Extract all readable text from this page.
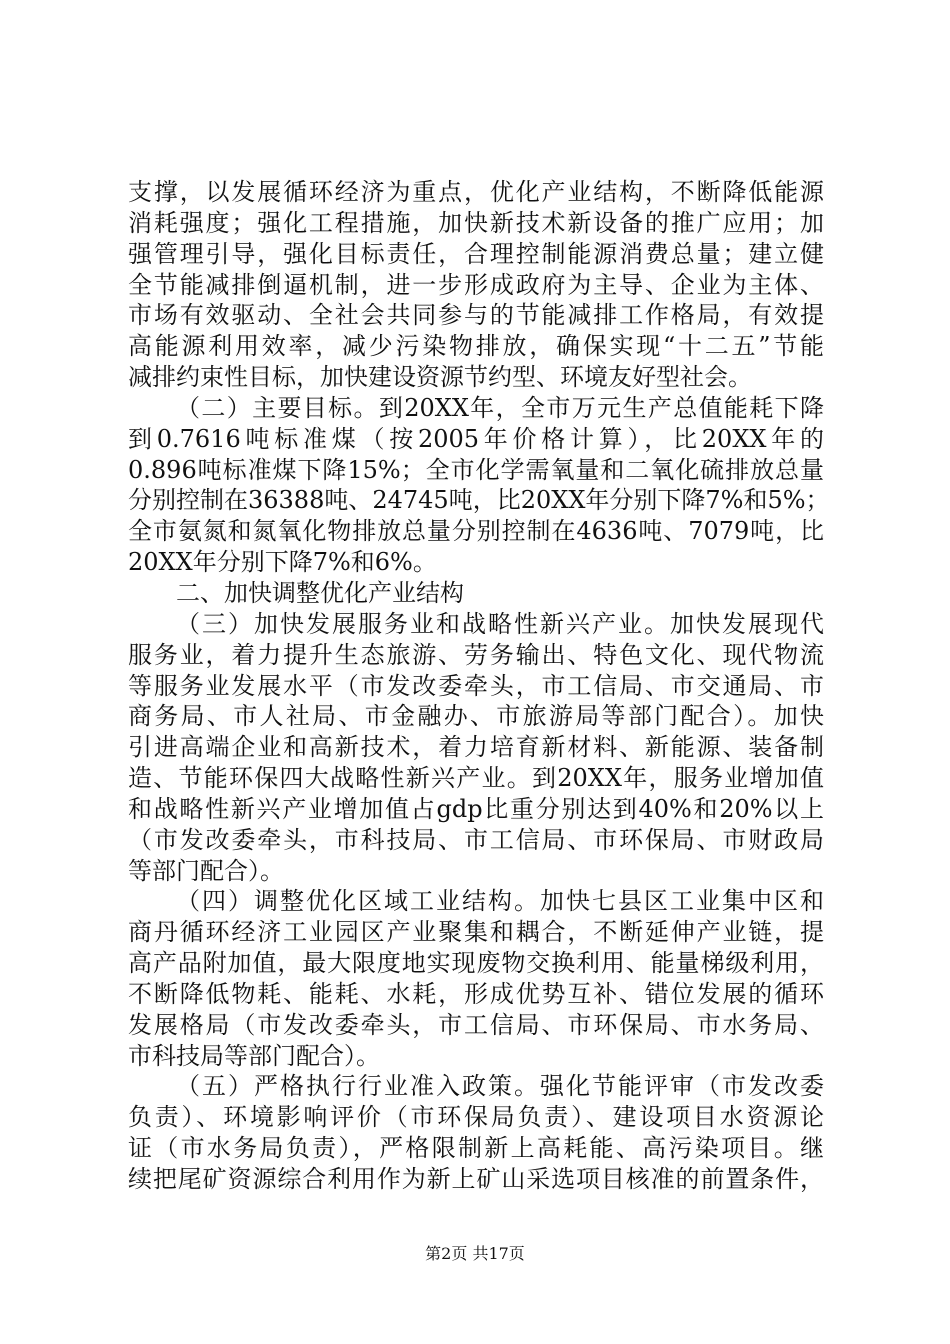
支撑，以发展循环经济为重点，优化产业结构，不断降低能源
消耗强度；强化工程措施，加快新技术新设备的推广应用；加
强管理引导，强化目标责任，合理控制能源消费总量；建立健
全节能减排倒逼机制，进一步形成政府为主导、企业为主体、
市场有效驱动、全社会共同参与的节能减排工作格局，有效提
高能源利用效率，减少污染物排放，确保实现“十二五”节能
减排约束性目标，加快建设资源节约型、环境友好型社会。
（二）主要目标。到20XX年，全市万元生产总值能耗下降
到0.7616吨标准煤（按2005年价格计算），比20XX年的
0.896吨标准煤下降15%；全市化学需氧量和二氧化硫排放总量
分别控制在36388吨、24745吨，比20XX年分别下降7%和5%；
全市氨氮和氮氧化物排放总量分别控制在4636吨、7079吨，比
20XX年分别下降7%和6%。
二、加快调整优化产业结构
（三）加快发展服务业和战略性新兴产业。加快发展现代
服务业，着力提升生态旅游、劳务输出、特色文化、现代物流
等服务业发展水平（市发改委牵头，市工信局、市交通局、市
商务局、市人社局、市金融办、市旅游局等部门配合）。加快
引进高端企业和高新技术，着力培育新材料、新能源、装备制
造、节能环保四大战略性新兴产业。到20XX年，服务业增加值
和战略性新兴产业增加值占gdp比重分别达到40%和20%以上
（市发改委牵头，市科技局、市工信局、市环保局、市财政局
等部门配合）。
（四）调整优化区域工业结构。加快七县区工业集中区和
商丹循环经济工业园区产业聚集和耦合，不断延伸产业链，提
高产品附加值，最大限度地实现废物交换利用、能量梯级利用，
不断降低物耗、能耗、水耗，形成优势互补、错位发展的循环
发展格局（市发改委牵头，市工信局、市环保局、市水务局、
市科技局等部门配合）。
（五）严格执行行业准入政策。强化节能评审（市发改委
负责）、环境影响评价（市环保局负责）、建设项目水资源论
证（市水务局负责），严格限制新上高耗能、高污染项目。继
续把尾矿资源综合利用作为新上矿山采选项目核准的前置条件，
第2页 共17页
